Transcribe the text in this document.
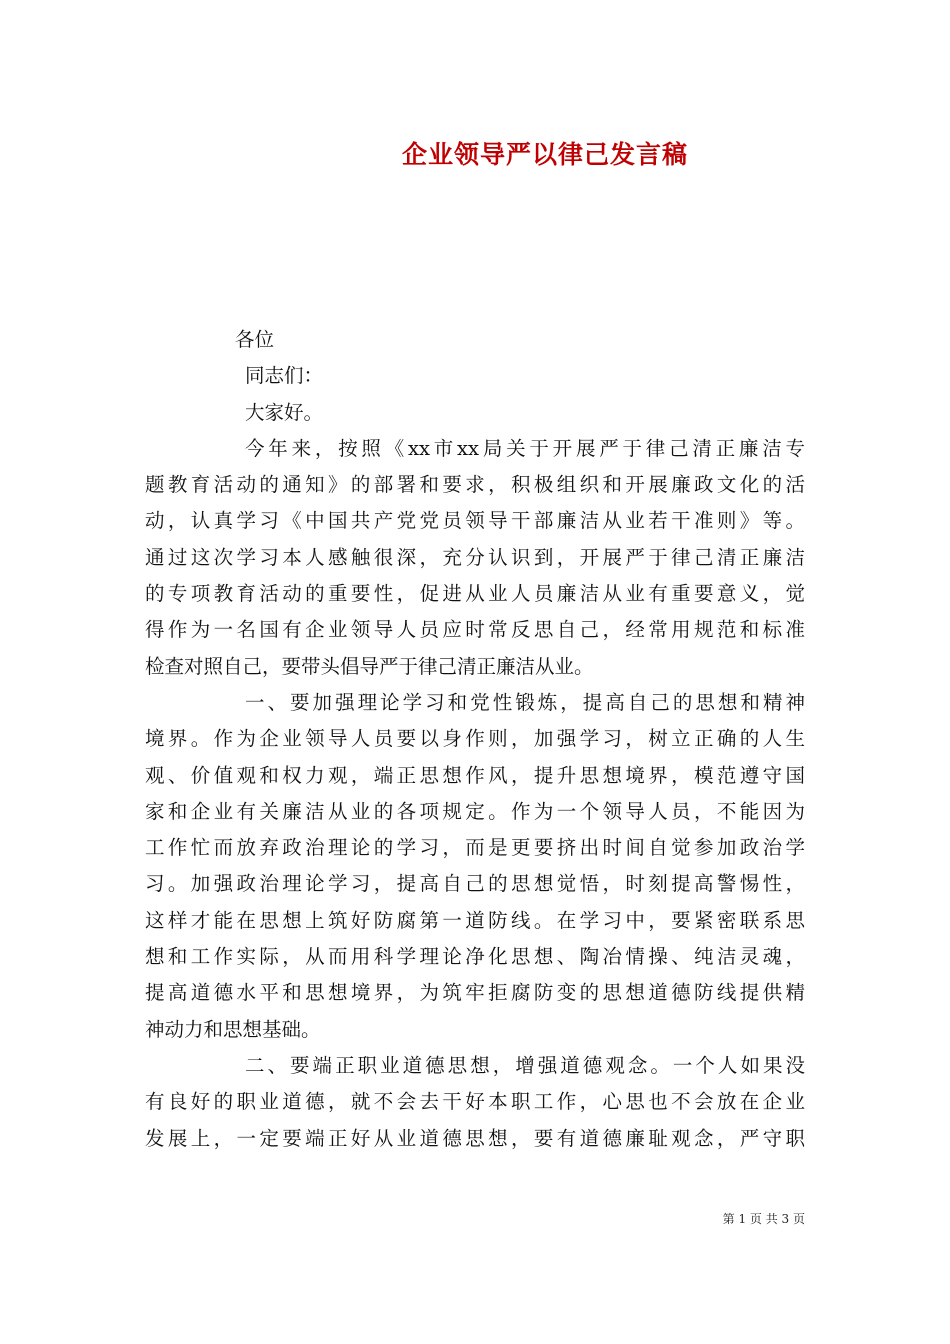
企业领导严以律己发言稿
各位
同志们：
大家好。
今年来，按照《xx市xx局关于开展严于律己清正廉洁专
题教育活动的通知》的部署和要求，积极组织和开展廉政文化的活
动，认真学习《中国共产党党员领导干部廉洁从业若干准则》等。
通过这次学习本人感触很深，充分认识到，开展严于律己清正廉洁
的专项教育活动的重要性，促进从业人员廉洁从业有重要意义，觉
得作为一名国有企业领导人员应时常反思自己，经常用规范和标准
检查对照自己，要带头倡导严于律己清正廉洁从业。
一、要加强理论学习和党性锻炼，提高自己的思想和精神
境界。作为企业领导人员要以身作则，加强学习，树立正确的人生
观、价值观和权力观，端正思想作风，提升思想境界，模范遵守国
家和企业有关廉洁从业的各项规定。作为一个领导人员，不能因为
工作忙而放弃政治理论的学习，而是更要挤出时间自觉参加政治学
习。加强政治理论学习，提高自己的思想觉悟，时刻提高警惕性，
这样才能在思想上筑好防腐第一道防线。在学习中，要紧密联系思
想和工作实际，从而用科学理论净化思想、陶冶情操、纯洁灵魂，
提高道德水平和思想境界，为筑牢拒腐防变的思想道德防线提供精
神动力和思想基础。
二、要端正职业道德思想，增强道德观念。一个人如果没
有良好的职业道德，就不会去干好本职工作，心思也不会放在企业
发展上，一定要端正好从业道德思想，要有道德廉耻观念，严守职
第 1 页 共 3 页
